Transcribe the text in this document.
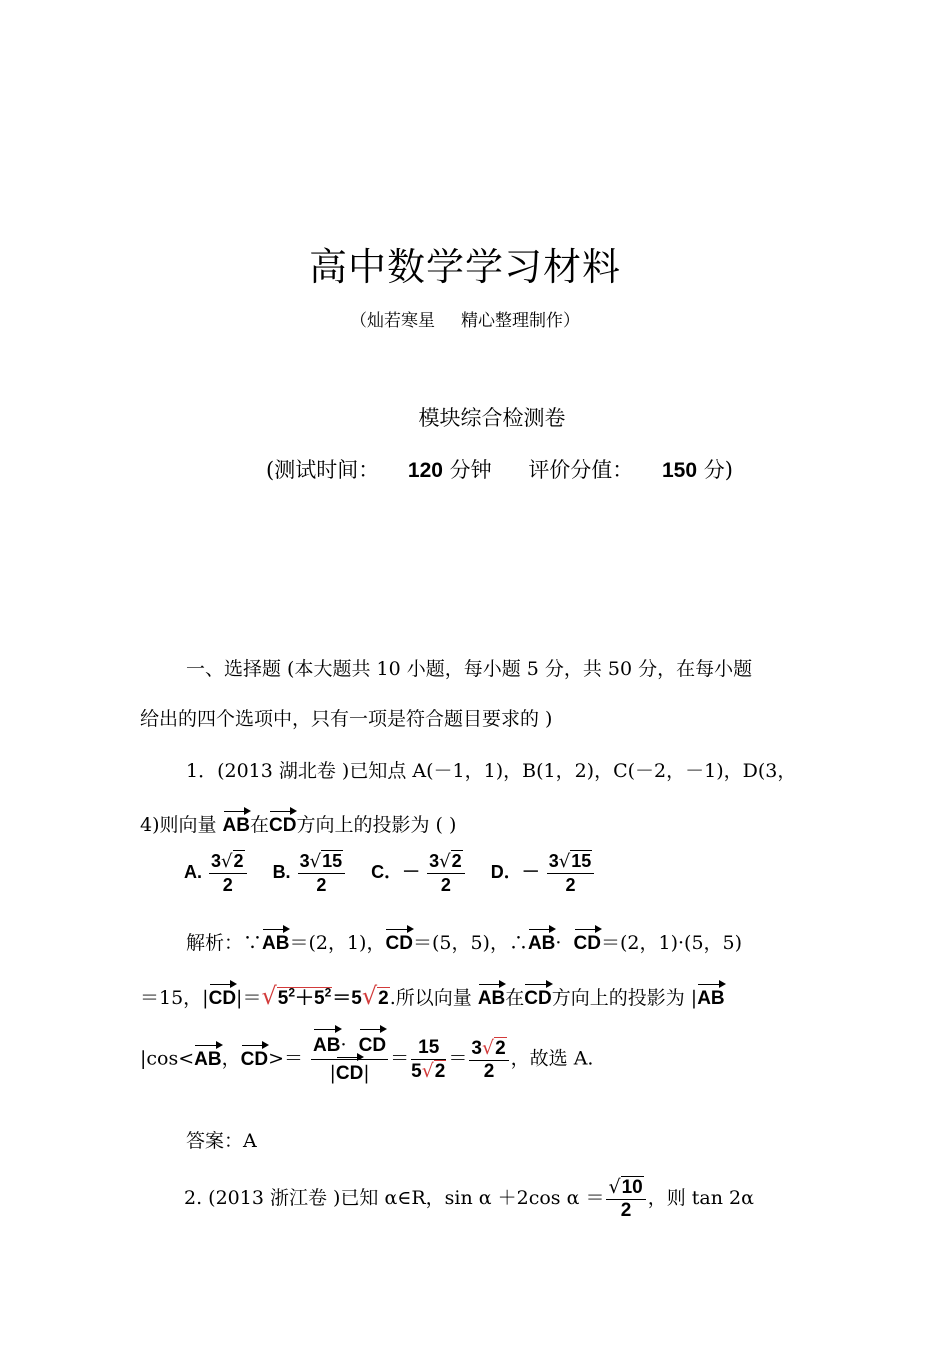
高中数学学习材料
（灿若寒星 精心整理制作）
模块综合检测卷
(测试时间： 120 分钟 评价分值： 150 分)
一、选择题 (本大题共 10 小题，每小题 5 分，共 50 分，在每小题
给出的四个选项中，只有一项是符合题目要求的 )
1．(2013 湖北卷 )已知点 A(－1，1)，B(1，2)，C(－2，－1)，D(3，
4)则向量 AB在CD方向上的投影为 ( )
A. $\frac{3√2}{2} B$. $\frac{3√15}{2}$ C．－ $\frac{3√2}{2}$ D．－ $\frac{3√15}{2}$
解析：∵AB＝(2，1)，CD＝(5，5)，∴AB· CD＝(2，1)·(5，5)
＝15，$|CD|=√5^2+5^2=5√2$.所以向量 AB在CD方向上的投影为 |AB
|cos<AB，$CD>= \frac{AB\cdot CD}{|CD|} = \frac{15}{5√2} = \frac{3√2}{2}$ ，故选 A.
答案：A
2. (2013 浙江卷 )已知 α∈R，sin α ＋2cos $\alpha = \frac{√10}{2}$ ，则 tan 2α
